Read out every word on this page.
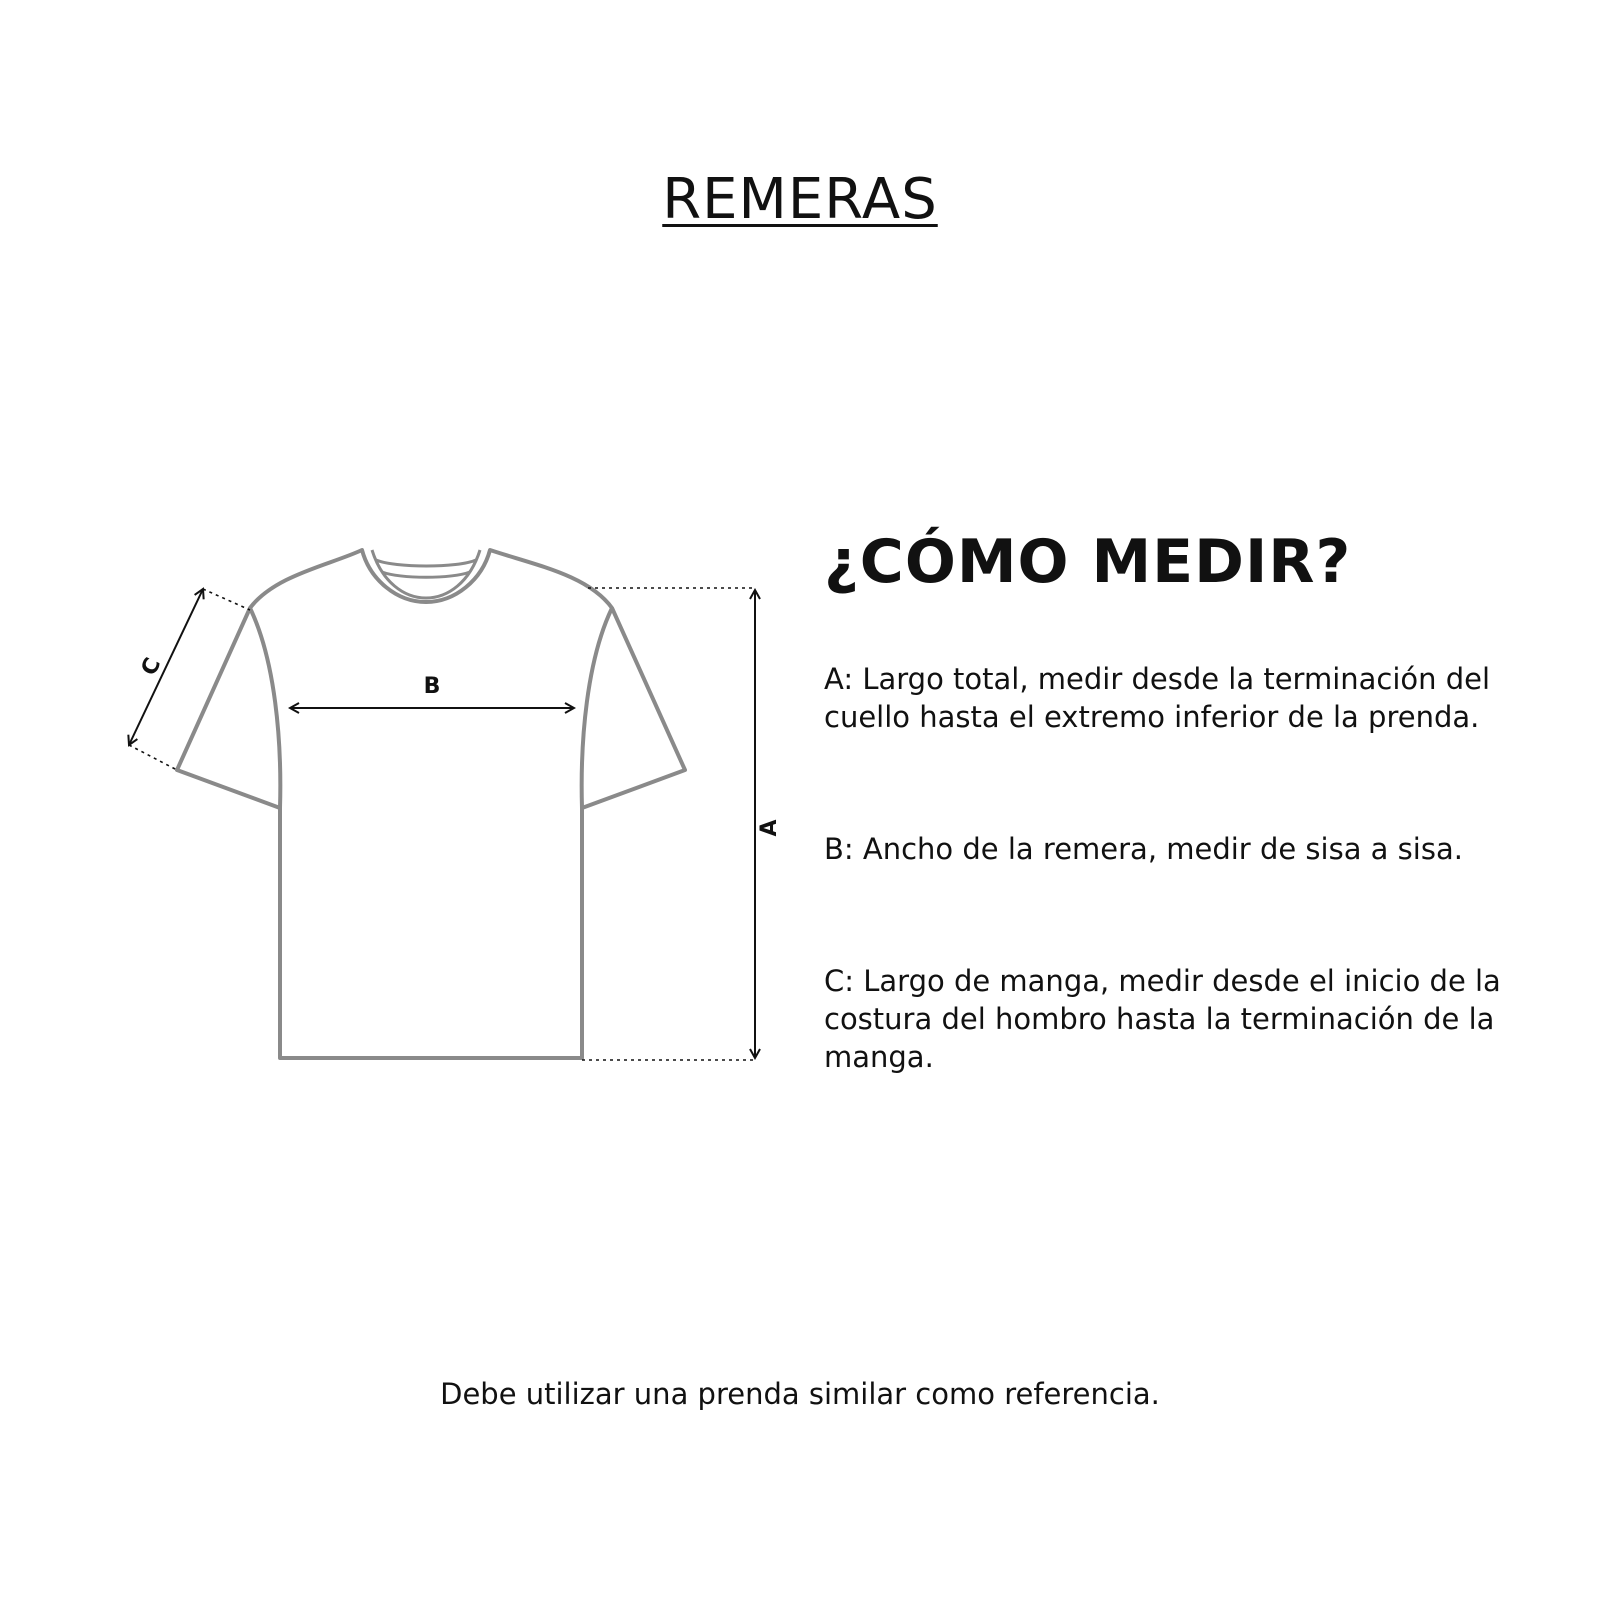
REMERAS
C
B
A
¿CÓMO MEDIR?

A: Largo total, medir desde la terminación del cuello hasta el extremo inferior de la prenda.

B: Ancho de la remera, medir de sisa a sisa.

C: Largo de manga, medir desde el inicio de la costura del hombro hasta la terminación de la manga.

Debe utilizar una prenda similar como referencia.
